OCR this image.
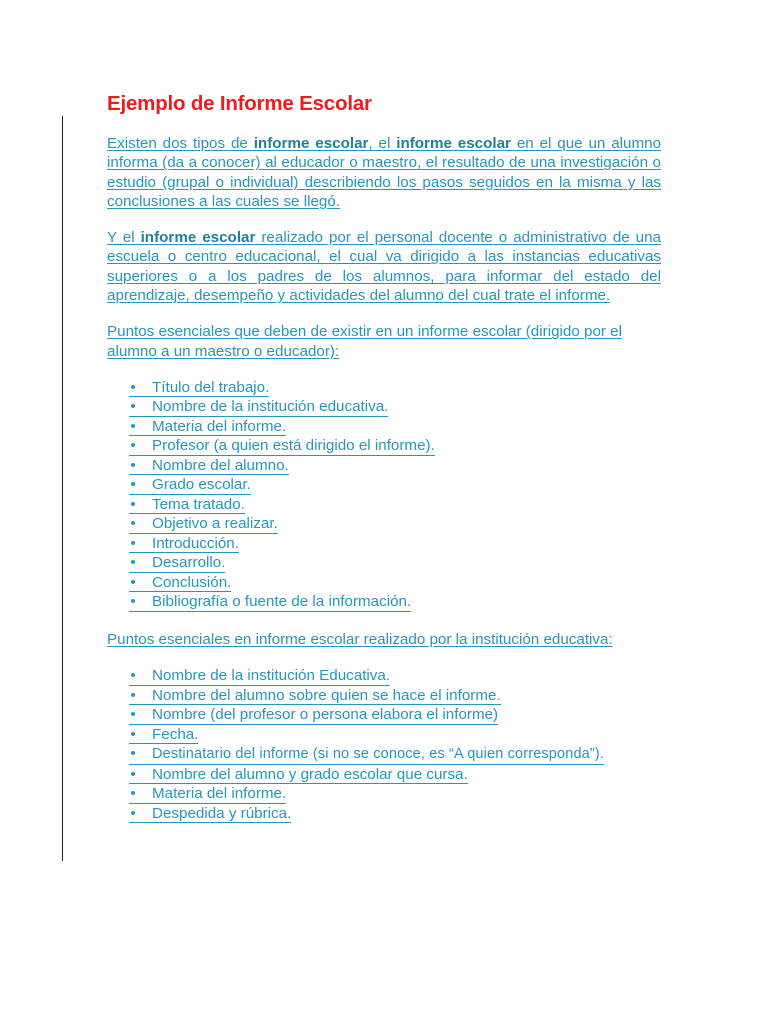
Ejemplo de Informe Escolar

Existen dos tipos de informe escolar, el informe escolar en el que un alumno informa (da a conocer) al educador o maestro, el resultado de una investigación o estudio (grupal o individual) describiendo los pasos seguidos en la misma y las conclusiones a las cuales se llegó.

Y el informe escolar realizado por el personal docente o administrativo de una escuela o centro educacional, el cual va dirigido a las instancias educativas superiores o a los padres de los alumnos, para informar del estado del aprendizaje, desempeño y actividades del alumno del cual trate el informe.

Puntos esenciales que deben de existir en un informe escolar (dirigido por el alumno a un maestro o educador):

• Título del trabajo.
• Nombre de la institución educativa.
• Materia del informe.
• Profesor (a quien está dirigido el informe).
• Nombre del alumno.
• Grado escolar.
• Tema tratado.
• Objetivo a realizar.
• Introducción.
• Desarrollo.
• Conclusión.
• Bibliografía o fuente de la información.

Puntos esenciales en informe escolar realizado por la institución educativa:

• Nombre de la institución Educativa.
• Nombre del alumno sobre quien se hace el informe.
• Nombre (del profesor o persona elabora el informe)
• Fecha.
• Destinatario del informe (si no se conoce, es “A quien corresponda”).
• Nombre del alumno y grado escolar que cursa.
• Materia del informe.
• Despedida y rúbrica.
